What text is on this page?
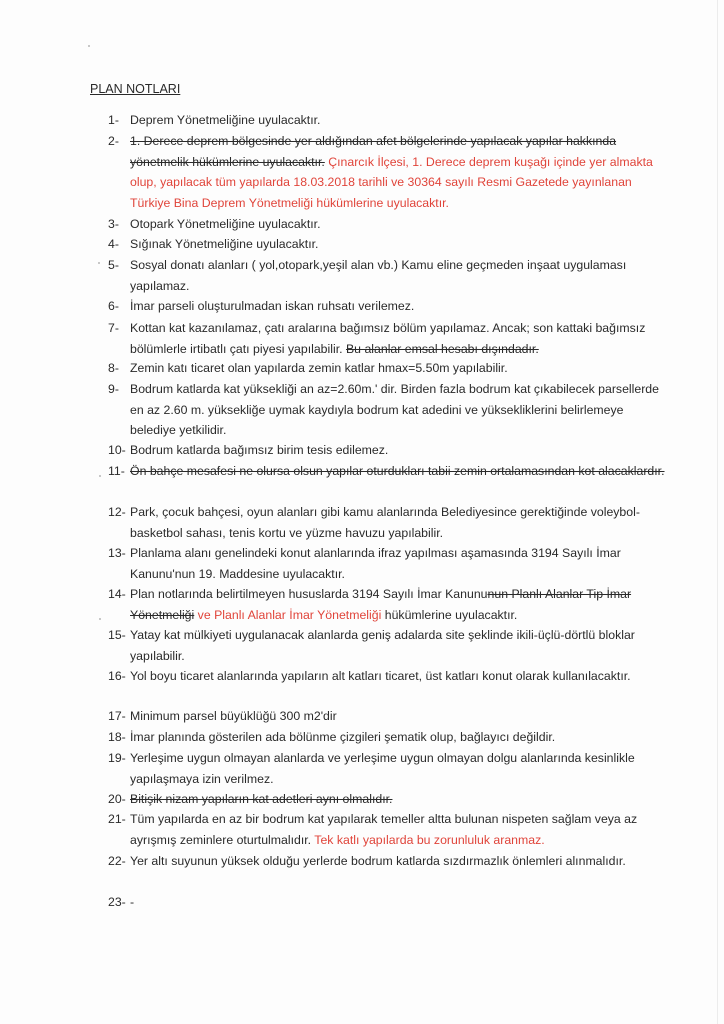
PLAN NOTLARI
1- Deprem Yönetmeliğine uyulacaktır.
2- 1. Derece deprem bölgesinde yer aldığından afet bölgelerinde yapılacak yapılar hakkında yönetmelik hükümlerine uyulacaktır. Çınarcık İlçesi, 1. Derece deprem kuşağı içinde yer almakta olup, yapılacak tüm yapılarda 18.03.2018 tarihli ve 30364 sayılı Resmi Gazetede yayınlanan Türkiye Bina Deprem Yönetmeliği hükümlerine uyulacaktır.
3- Otopark Yönetmeliğine uyulacaktır.
4- Sığınak Yönetmeliğine uyulacaktır.
5- Sosyal donatı alanları ( yol,otopark,yeşil alan vb.) Kamu eline geçmeden inşaat uygulaması yapılamaz.
6- İmar parseli oluşturulmadan iskan ruhsatı verilemez.
7- Kottan kat kazanılamaz, çatı aralarına bağımsız bölüm yapılamaz. Ancak; son kattaki bağımsız bölümlerle irtibatlı çatı piyesi yapılabilir. Bu alanlar emsal hesabı dışındadır.
8- Zemin katı ticaret olan yapılarda zemin katlar hmax=5.50m yapılabilir.
9- Bodrum katlarda kat yüksekliği an az=2.60m.' dir. Birden fazla bodrum kat çıkabilecek parsellerde en az 2.60 m. yüksekliğe uymak kaydıyla bodrum kat adedini ve yüksekliklerini belirlemeye belediye yetkilidir.
10- Bodrum katlarda bağımsız birim tesis edilemez.
11- Ön bahçe mesafesi ne olursa olsun yapılar oturdukları tabii zemin ortalamasından kot alacaklardır.
12- Park, çocuk bahçesi, oyun alanları gibi kamu alanlarında Belediyesince gerektiğinde voleybol-basketbol sahası, tenis kortu ve yüzme havuzu yapılabilir.
13- Planlama alanı genelindeki konut alanlarında ifraz yapılması aşamasında 3194 Sayılı İmar Kanunu'nun 19. Maddesine uyulacaktır.
14- Plan notlarında belirtilmeyen hususlarda 3194 Sayılı İmar Kanununun Planlı Alanlar Tip İmar Yönetmeliği ve Planlı Alanlar İmar Yönetmeliği hükümlerine uyulacaktır.
15- Yatay kat mülkiyeti uygulanacak alanlarda geniş adalarda site şeklinde ikili-üçlü-dörtlü bloklar yapılabilir.
16- Yol boyu ticaret alanlarında yapıların alt katları ticaret, üst katları konut olarak kullanılacaktır.
17- Minimum parsel büyüklüğü 300 m2'dir
18- İmar planında gösterilen ada bölünme çizgileri şematik olup, bağlayıcı değildir.
19- Yerleşime uygun olmayan alanlarda ve yerleşime uygun olmayan dolgu alanlarında kesinlikle yapılaşmaya izin verilmez.
20- Bitişik nizam yapıların kat adetleri aynı olmalıdır.
21- Tüm yapılarda en az bir bodrum kat yapılarak temeller altta bulunan nispeten sağlam veya az ayrışmış zeminlere oturtulmalıdır. Tek katlı yapılarda bu zorunluluk aranmaz.
22- Yer altı suyunun yüksek olduğu yerlerde bodrum katlarda sızdırmazlık önlemleri alınmalıdır.
23- -
